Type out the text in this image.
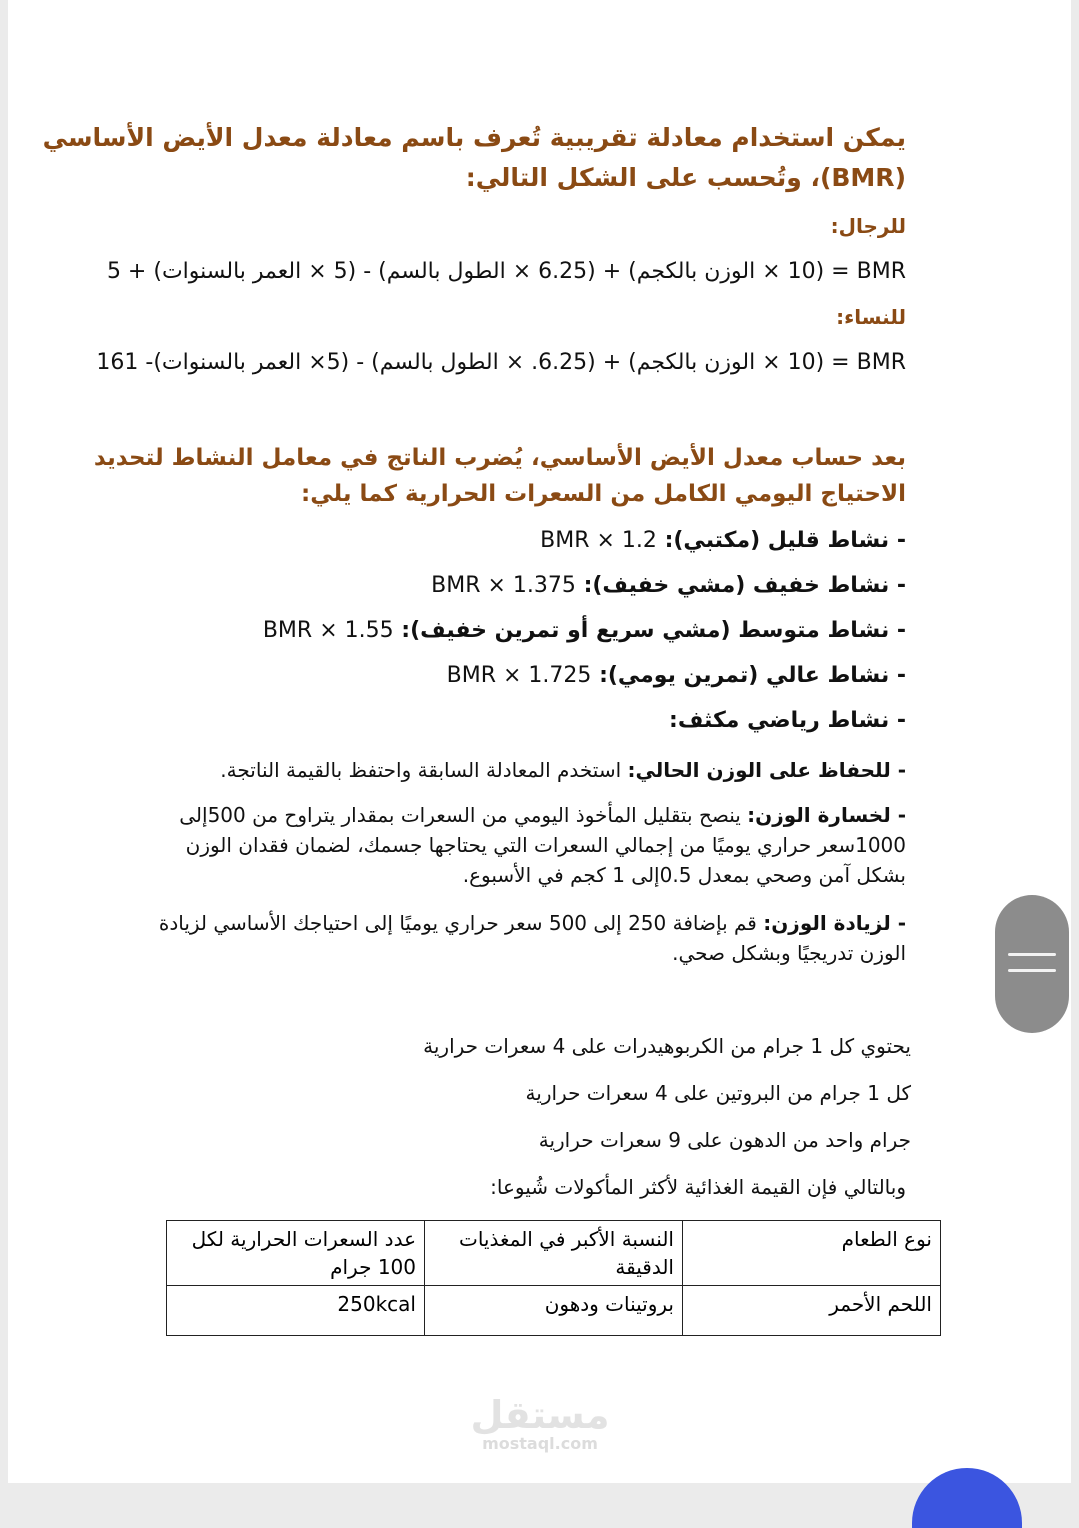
يمكن استخدام معادلة تقريبية تُعرف باسم معادلة معدل الأيض الأساسي
(BMR)، وتُحسب على الشكل التالي:
للرجال:
BMR = (10 × الوزن بالكجم) + (6.25 × الطول بالسم) - (5 × العمر بالسنوات) + 5
للنساء:
BMR = (10 × الوزن بالكجم) + (6.25. × الطول بالسم) - (5× العمر بالسنوات)- 161
بعد حساب معدل الأيض الأساسي، يُضرب الناتج في معامل النشاط لتحديد
الاحتياج اليومي الكامل من السعرات الحرارية كما يلي:
- نشاط قليل (مكتبي): BMR × 1.2
- نشاط خفيف (مشي خفيف): BMR × 1.375
- نشاط متوسط (مشي سريع أو تمرين خفيف): BMR × 1.55
- نشاط عالي (تمرين يومي): BMR × 1.725
- نشاط رياضي مكثف:
- للحفاظ على الوزن الحالي: استخدم المعادلة السابقة واحتفظ بالقيمة الناتجة.
- لخسارة الوزن: ينصح بتقليل المأخوذ اليومي من السعرات بمقدار يتراوح من 500إلى
1000سعر حراري يوميًا من إجمالي السعرات التي يحتاجها جسمك، لضمان فقدان الوزن
بشكل آمن وصحي بمعدل 0.5إلى 1 كجم في الأسبوع.
- لزيادة الوزن: قم بإضافة 250 إلى 500 سعر حراري يوميًا إلى احتياجك الأساسي لزيادة
الوزن تدريجيًا وبشكل صحي.
يحتوي كل 1 جرام من الكربوهيدرات على 4 سعرات حرارية
كل 1 جرام من البروتين على 4 سعرات حرارية
جرام واحد من الدهون على 9 سعرات حرارية
وبالتالي فإن القيمة الغذائية لأكثر المأكولات شُيوعا:
نوع الطعام	النسبة الأكبر في المغذيات الدقيقة	عدد السعرات الحرارية لكل 100 جرام
اللحم الأحمر	بروتينات ودهون	250kcal
مستقل
mostaql.com
